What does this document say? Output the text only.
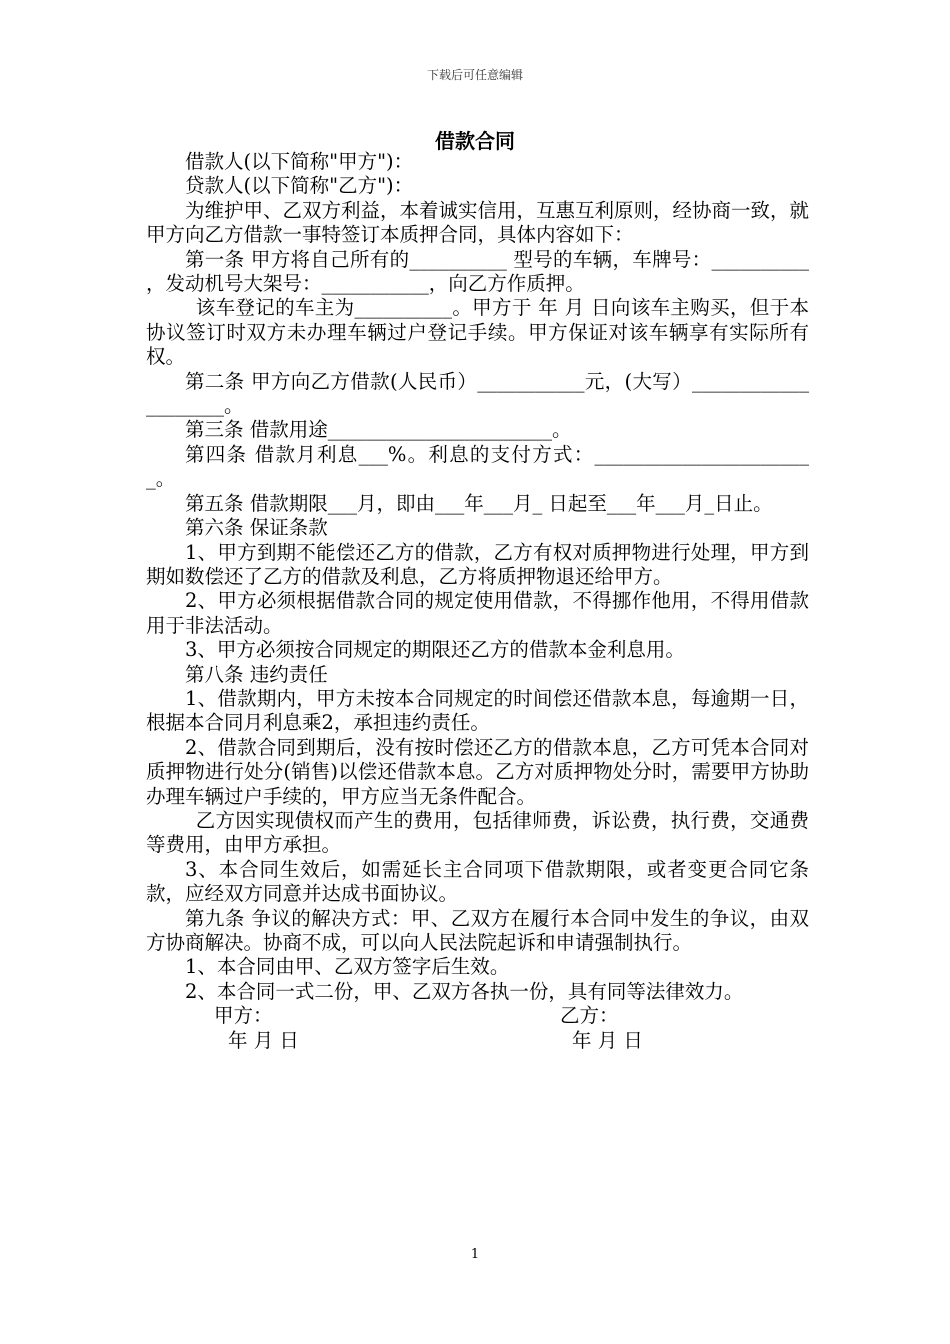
下载后可任意编辑
借款合同

借款人(以下简称"甲方")：

贷款人(以下简称"乙方")：

为维护甲、乙双方利益，本着诚实信用，互惠互利原则，经协商一致，就甲方向乙方借款一事特签订本质押合同，具体内容如下：

第一条 甲方将自己所有的__________ 型号的车辆，车牌号：__________ ，发动机号大架号：___________，向乙方作质押。

该车登记的车主为__________。甲方于 年 月 日向该车主购买，但于本协议签订时双方未办理车辆过户登记手续。甲方保证对该车辆享有实际所有权。

第二条 甲方向乙方借款(人民币）___________元，(大写）____________________。

第三条 借款用途_______________________。

第四条 借款月利息___%。利息的支付方式：_______________________。

第五条 借款期限___月，即由___年___月_ 日起至___年___月_日止。

第六条 保证条款

1、甲方到期不能偿还乙方的借款，乙方有权对质押物进行处理，甲方到期如数偿还了乙方的借款及利息，乙方将质押物退还给甲方。

2、甲方必须根据借款合同的规定使用借款，不得挪作他用，不得用借款用于非法活动。

3、甲方必须按合同规定的期限还乙方的借款本金利息用。

第八条 违约责任

1、借款期内，甲方未按本合同规定的时间偿还借款本息，每逾期一日，根据本合同月利息乘2，承担违约责任。

2、借款合同到期后，没有按时偿还乙方的借款本息，乙方可凭本合同对质押物进行处分(销售)以偿还借款本息。乙方对质押物处分时，需要甲方协助办理车辆过户手续的，甲方应当无条件配合。

乙方因实现债权而产生的费用，包括律师费，诉讼费，执行费，交通费等费用，由甲方承担。

3、本合同生效后，如需延长主合同项下借款期限，或者变更合同它条款，应经双方同意并达成书面协议。

第九条 争议的解决方式：甲、乙双方在履行本合同中发生的争议，由双方协商解决。协商不成，可以向人民法院起诉和申请强制执行。

1、本合同由甲、乙双方签字后生效。

2、本合同一式二份，甲、乙双方各执一份，具有同等法律效力。

甲方：	乙方：
年 月 日	年 月 日
1
